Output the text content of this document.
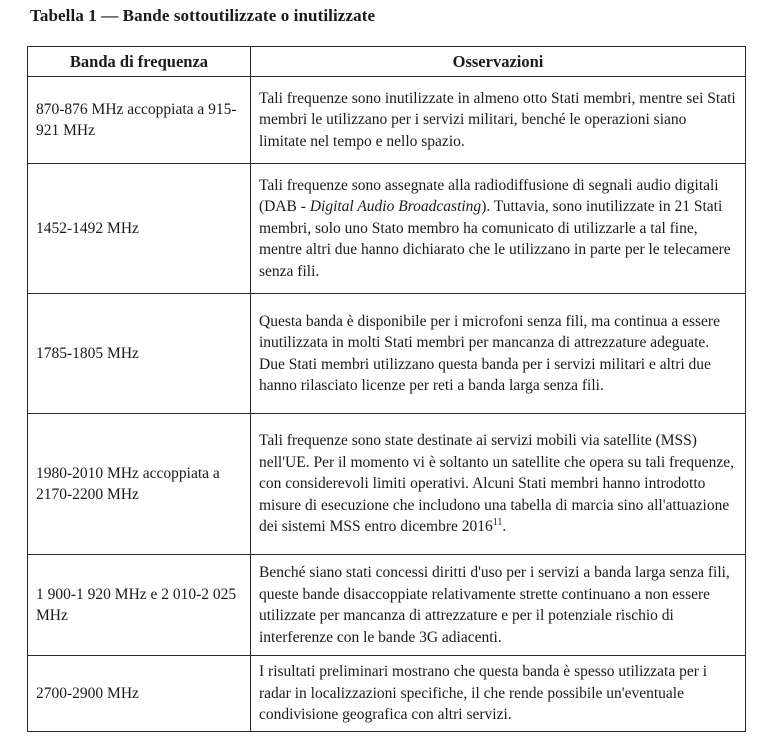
Tabella 1 — Bande sottoutilizzate o inutilizzate
Banda di frequenza	Osservazioni
870-876 MHz accoppiata a 915-921 MHz	Tali frequenze sono inutilizzate in almeno otto Stati membri, mentre sei Stati membri le utilizzano per i servizi militari, benché le operazioni siano limitate nel tempo e nello spazio.
1452-1492 MHz	Tali frequenze sono assegnate alla radiodiffusione di segnali audio digitali (DAB - Digital Audio Broadcasting). Tuttavia, sono inutilizzate in 21 Stati membri, solo uno Stato membro ha comunicato di utilizzarle a tal fine, mentre altri due hanno dichiarato che le utilizzano in parte per le telecamere senza fili.
1785-1805 MHz	Questa banda è disponibile per i microfoni senza fili, ma continua a essere inutilizzata in molti Stati membri per mancanza di attrezzature adeguate. Due Stati membri utilizzano questa banda per i servizi militari e altri due hanno rilasciato licenze per reti a banda larga senza fili.
1980-2010 MHz accoppiata a 2170-2200 MHz	Tali frequenze sono state destinate ai servizi mobili via satellite (MSS) nell'UE. Per il momento vi è soltanto un satellite che opera su tali frequenze, con considerevoli limiti operativi. Alcuni Stati membri hanno introdotto misure di esecuzione che includono una tabella di marcia sino all'attuazione dei sistemi MSS entro dicembre 2016$^{11}$.
1 900-1 920 MHz e 2 010-2 025 MHz	Benché siano stati concessi diritti d'uso per i servizi a banda larga senza fili, queste bande disaccoppiate relativamente strette continuano a non essere utilizzate per mancanza di attrezzature e per il potenziale rischio di interferenze con le bande 3G adiacenti.
2700-2900 MHz	I risultati preliminari mostrano che questa banda è spesso utilizzata per i radar in localizzazioni specifiche, il che rende possibile un'eventuale condivisione geografica con altri servizi.
